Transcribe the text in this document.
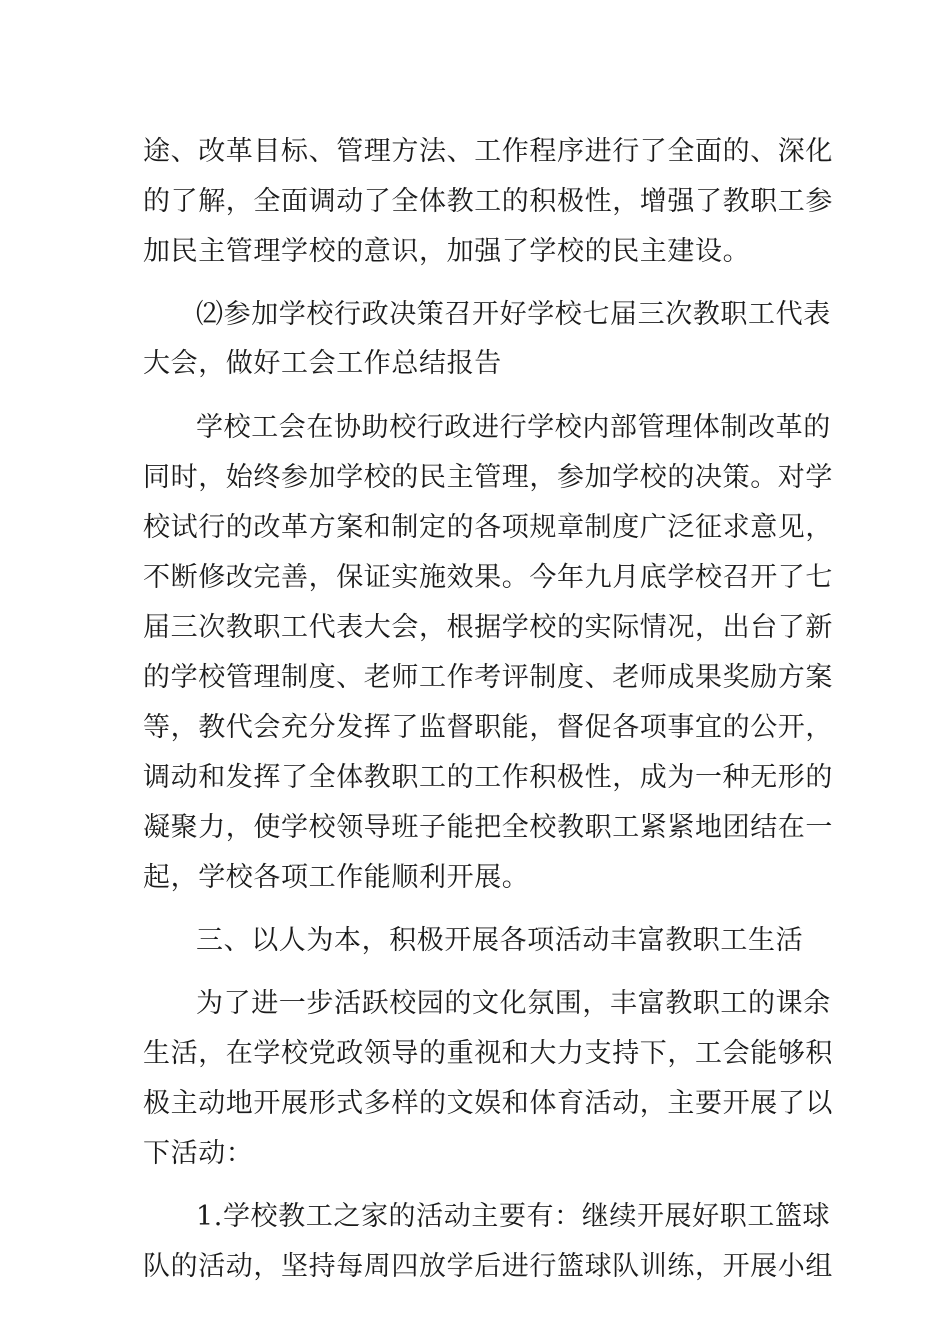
途、改革目标、管理方法、工作程序进行了全面的、深化
的了解，全面调动了全体教工的积极性，增强了教职工参
加民主管理学校的意识，加强了学校的民主建设。
⑵参加学校行政决策召开好学校七届三次教职工代表
大会，做好工会工作总结报告
学校工会在协助校行政进行学校内部管理体制改革的
同时，始终参加学校的民主管理，参加学校的决策。对学
校试行的改革方案和制定的各项规章制度广泛征求意见，
不断修改完善，保证实施效果。今年九月底学校召开了七
届三次教职工代表大会，根据学校的实际情况，出台了新
的学校管理制度、老师工作考评制度、老师成果奖励方案
等，教代会充分发挥了监督职能，督促各项事宜的公开，
调动和发挥了全体教职工的工作积极性，成为一种无形的
凝聚力，使学校领导班子能把全校教职工紧紧地团结在一
起，学校各项工作能顺利开展。
三、以人为本，积极开展各项活动丰富教职工生活
为了进一步活跃校园的文化氛围，丰富教职工的课余
生活，在学校党政领导的重视和大力支持下，工会能够积
极主动地开展形式多样的文娱和体育活动，主要开展了以
下活动：
1.学校教工之家的活动主要有：继续开展好职工篮球
队的活动，坚持每周四放学后进行篮球队训练，开展小组
